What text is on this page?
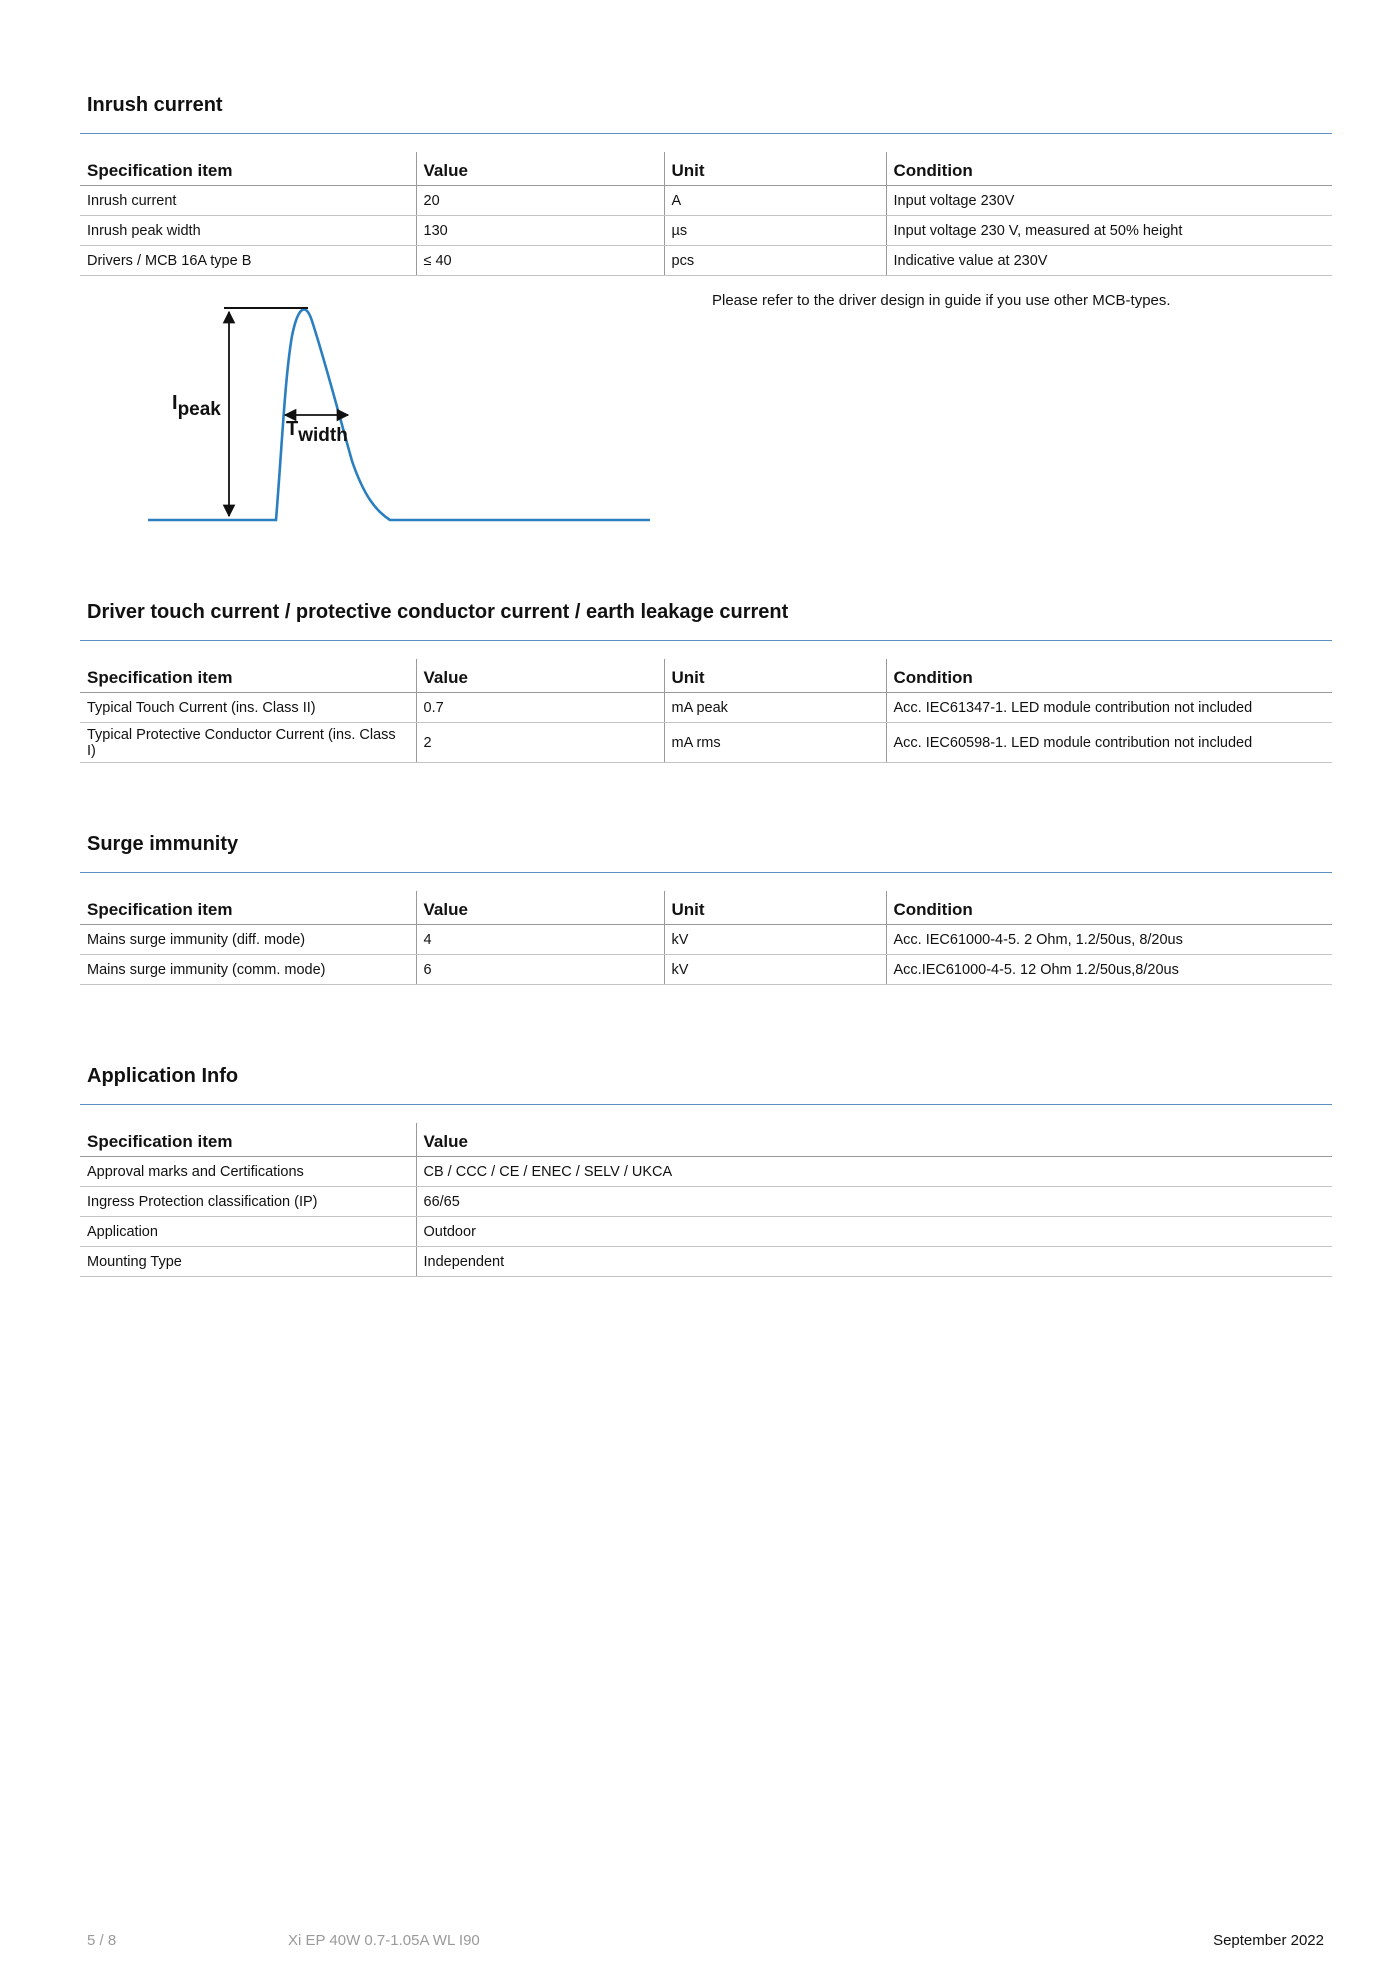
Inrush current
Specification item	Value	Unit	Condition
Inrush current	20	A	Input voltage 230V
Inrush peak width	130	µs	Input voltage 230 V, measured at 50% height
Drivers / MCB 16A type B	≤ 40	pcs	Indicative value at 230V
Please refer to the driver design in guide if you use other MCB-types.
Ipeak
Twidth
Driver touch current / protective conductor current / earth leakage current
Specification item	Value	Unit	Condition
Typical Touch Current (ins. Class II)	0.7	mA peak	Acc. IEC61347-1. LED module contribution not included
Typical Protective Conductor Current (ins. Class I)	2	mA rms	Acc. IEC60598-1. LED module contribution not included
Surge immunity
Specification item	Value	Unit	Condition
Mains surge immunity (diff. mode)	4	kV	Acc. IEC61000-4-5. 2 Ohm, 1.2/50us, 8/20us
Mains surge immunity (comm. mode)	6	kV	Acc.IEC61000-4-5. 12 Ohm 1.2/50us,8/20us
Application Info
Specification item	Value
Approval marks and Certifications	CB / CCC / CE / ENEC / SELV / UKCA
Ingress Protection classification (IP)	66/65
Application	Outdoor
Mounting Type	Independent
5 / 8	Xi EP 40W 0.7-1.05A WL I90	September 2022
